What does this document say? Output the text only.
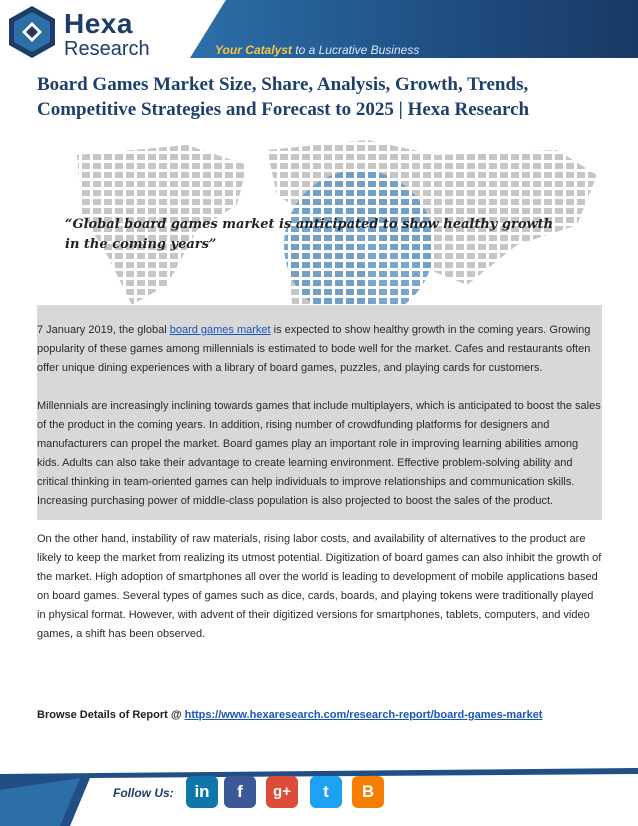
Hexa
Research	Your Catalyst to a Lucrative Business
Board Games Market Size, Share, Analysis, Growth, Trends, Competitive Strategies and Forecast to 2025 | Hexa Research
“Global board games market is anticipated to show healthy growth in the coming years”

7 January 2019, the global board games market is expected to show healthy growth in the coming years. Growing popularity of these games among millennials is estimated to bode well for the market. Cafes and restaurants often offer unique dining experiences with a library of board games, puzzles, and playing cards for customers.

Millennials are increasingly inclining towards games that include multiplayers, which is anticipated to boost the sales of the product in the coming years. In addition, rising number of crowdfunding platforms for designers and manufacturers can propel the market. Board games play an important role in improving learning abilities among kids. Adults can also take their advantage to create learning environment. Effective problem-solving ability and critical thinking in team-oriented games can help individuals to improve relationships and communication skills. Increasing purchasing power of middle-class population is also projected to boost the sales of the product.

On the other hand, instability of raw materials, rising labor costs, and availability of alternatives to the product are likely to keep the market from realizing its utmost potential. Digitization of board games can also inhibit the growth of the market. High adoption of smartphones all over the world is leading to development of mobile applications based on board games. Several types of games such as dice, cards, boards, and playing tokens were traditionally played in physical format. However, with advent of their digitized versions for smartphones, tablets, computers, and video games, a shift has been observed.

Browse Details of Report @ https://www.hexaresearch.com/research-report/board-games-market
Follow Us:	in	f	g+	t	B
